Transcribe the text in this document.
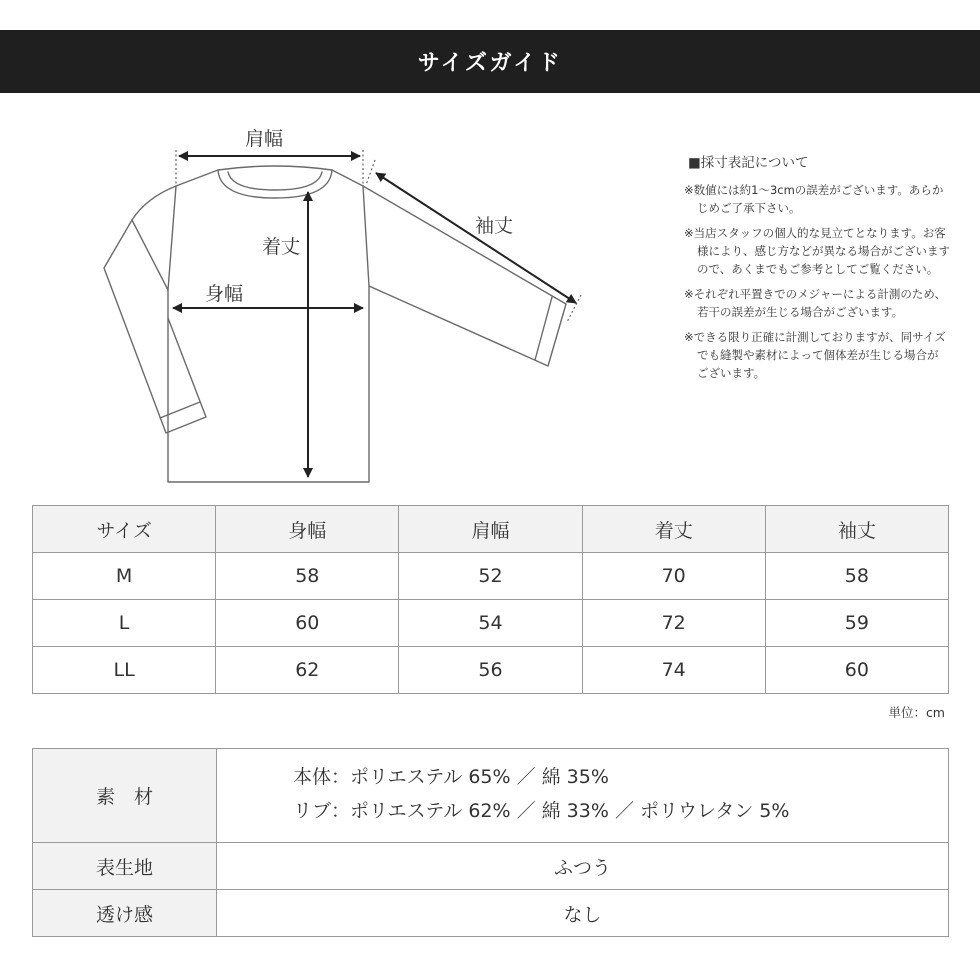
サイズガイド
肩幅
着丈
身幅
袖丈
■採寸表記について
※数値には約1〜3cmの誤差がございます。あらか
じめご了承下さい。
※当店スタッフの個人的な見立てとなります。お客
様により、感じ方などが異なる場合がございます
ので、あくまでもご参考としてご覧ください。
※それぞれ平置きでのメジャーによる計測のため、
若干の誤差が生じる場合がございます。
※できる限り正確に計測しておりますが、同サイズ
でも縫製や素材によって個体差が生じる場合が
ございます。
サイズ	身幅	肩幅	着丈	袖丈
M	58	52	70	58
L	60	54	72	59
LL	62	56	74	60
単位：cm
素　材
本体：ポリエステル 65% ／ 綿 35%
リブ：ポリエステル 62% ／ 綿 33% ／ ポリウレタン 5%
表生地	ふつう
透け感	なし
